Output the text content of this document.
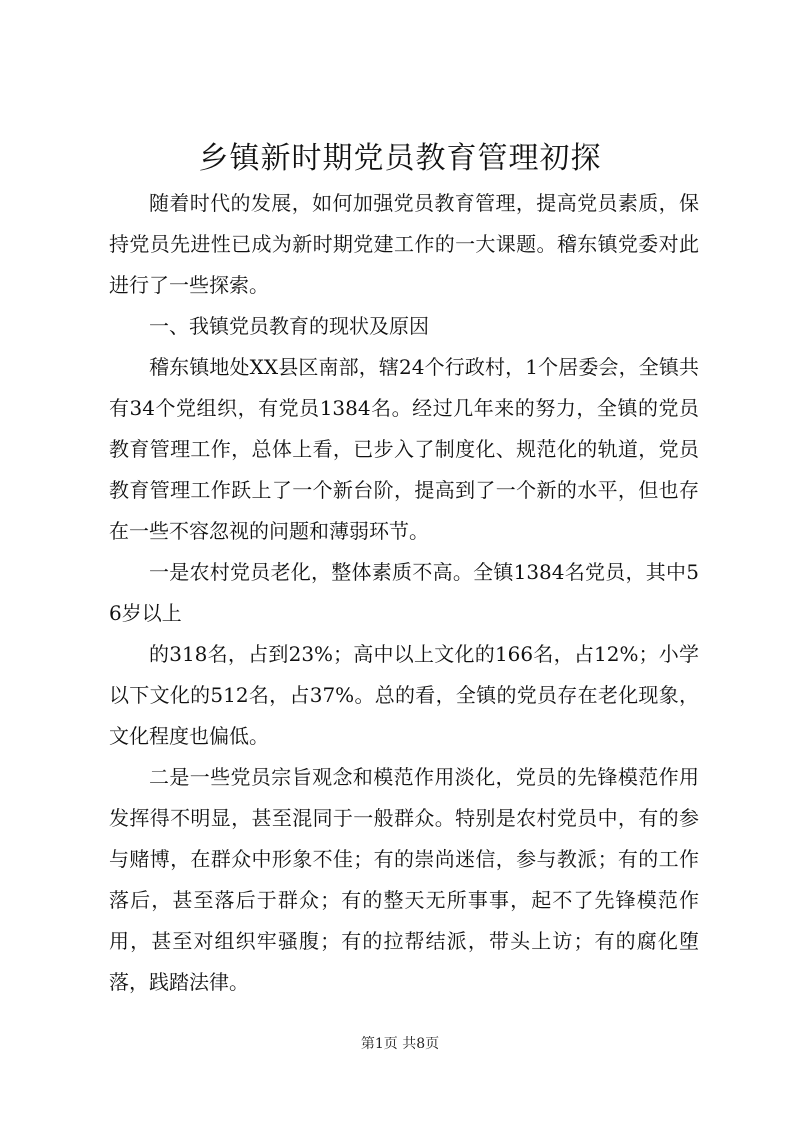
乡镇新时期党员教育管理初探

随着时代的发展，如何加强党员教育管理，提高党员素质，保持党员先进性已成为新时期党建工作的一大课题。稽东镇党委对此进行了一些探索。

一、我镇党员教育的现状及原因

稽东镇地处XX县区南部，辖24个行政村，1个居委会，全镇共有34个党组织，有党员1384名。经过几年来的努力，全镇的党员教育管理工作，总体上看，已步入了制度化、规范化的轨道，党员教育管理工作跃上了一个新台阶，提高到了一个新的水平，但也存在一些不容忽视的问题和薄弱环节。

一是农村党员老化，整体素质不高。全镇1384名党员，其中56岁以上

的318名，占到23%；高中以上文化的166名，占12%；小学以下文化的512名，占37%。总的看，全镇的党员存在老化现象，文化程度也偏低。

二是一些党员宗旨观念和模范作用淡化，党员的先锋模范作用发挥得不明显，甚至混同于一般群众。特别是农村党员中，有的参与赌博，在群众中形象不佳；有的崇尚迷信，参与教派；有的工作落后，甚至落后于群众；有的整天无所事事，起不了先锋模范作用，甚至对组织牢骚腹；有的拉帮结派，带头上访；有的腐化堕落，践踏法律。

第1页 共8页
